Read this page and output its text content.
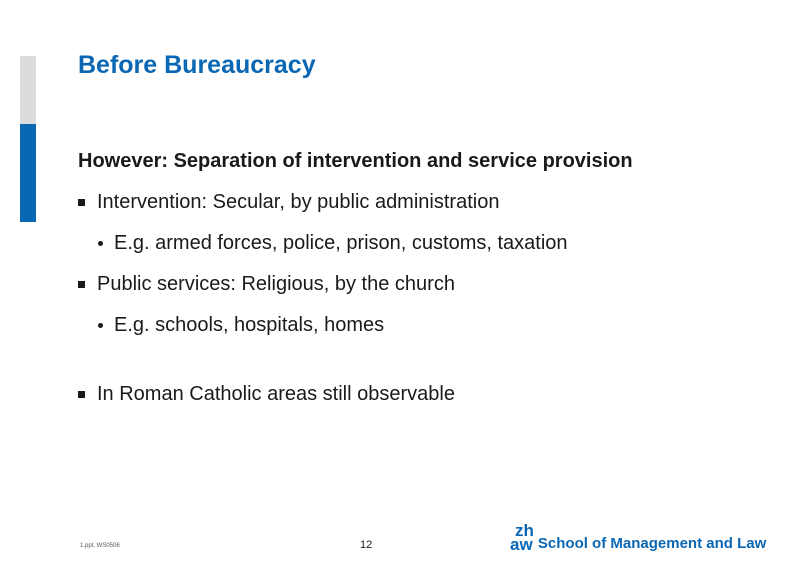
Before Bureaucracy
However: Separation of intervention and service provision
Intervention: Secular, by public administration
E.g. armed forces, police, prison, customs, taxation
Public services: Religious, by the church
E.g. schools, hospitals, homes
In Roman Catholic areas still observable
1.ppt, WS0506	12
zh
aw School of Management and Law
